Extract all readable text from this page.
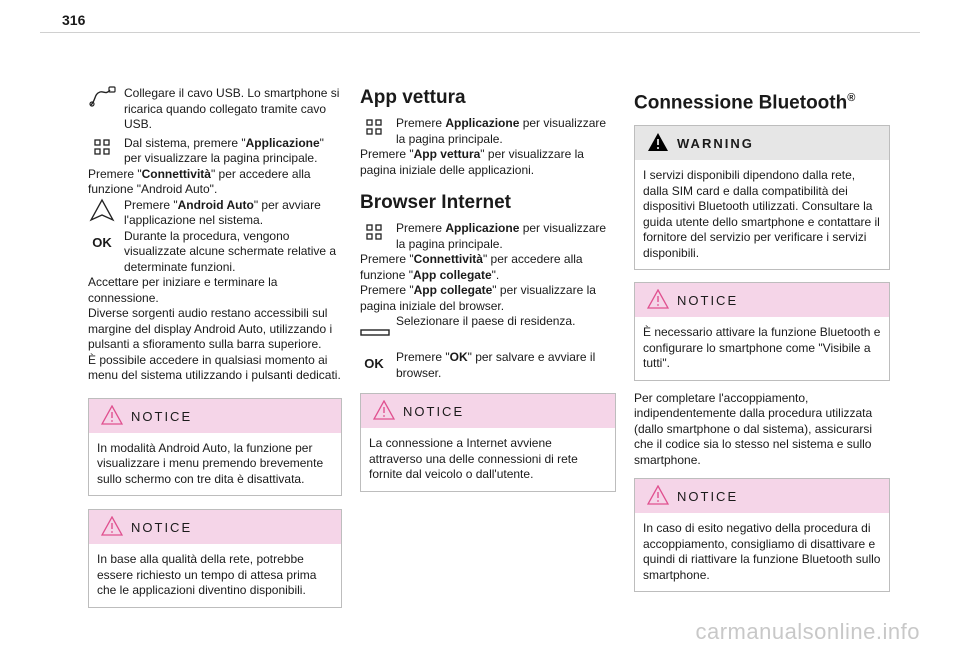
316

Collegare il cavo USB. Lo smartphone si ricarica quando collegato tramite cavo USB.

Dal sistema, premere "Applicazione" per visualizzare la pagina principale.

Premere "Connettività" per accedere alla funzione "Android Auto".

Premere "Android Auto" per avviare l'applicazione nel sistema.

OK	Durante la procedura, vengono visualizzate alcune schermate relative a determinate funzioni.

Accettare per iniziare e terminare la connessione.

Diverse sorgenti audio restano accessibili sul margine del display Android Auto, utilizzando i pulsanti a sfioramento sulla barra superiore.

È possibile accedere in qualsiasi momento ai menu del sistema utilizzando i pulsanti dedicati.

NOTICE
In modalità Android Auto, la funzione per visualizzare i menu premendo brevemente sullo schermo con tre dita è disattivata.
NOTICE
In base alla qualità della rete, potrebbe essere richiesto un tempo di attesa prima che le applicazioni diventino disponibili.
App vettura

Premere Applicazione per visualizzare la pagina principale.

Premere "App vettura" per visualizzare la pagina iniziale delle applicazioni.

Browser Internet

Premere Applicazione per visualizzare la pagina principale.

Premere "Connettività" per accedere alla funzione "App collegate".

Premere "App collegate" per visualizzare la pagina iniziale del browser.

Selezionare il paese di residenza.

OK	Premere "OK" per salvare e avviare il browser.

NOTICE
La connessione a Internet avviene attraverso una delle connessioni di rete fornite dal veicolo o dall'utente.
Connessione Bluetooth®
WARNING
I servizi disponibili dipendono dalla rete, dalla SIM card e dalla compatibilità dei dispositivi Bluetooth utilizzati. Consultare la guida utente dello smartphone e contattare il fornitore del servizio per verificare i servizi disponibili.
NOTICE
È necessario attivare la funzione Bluetooth e configurare lo smartphone come "Visibile a tutti".

Per completare l'accoppiamento, indipendentemente dalla procedura utilizzata (dallo smartphone o dal sistema), assicurarsi che il codice sia lo stesso nel sistema e sullo smartphone.

NOTICE
In caso di esito negativo della procedura di accoppiamento, consigliamo di disattivare e quindi di riattivare la funzione Bluetooth sullo smartphone.
carmanualsonline.info
